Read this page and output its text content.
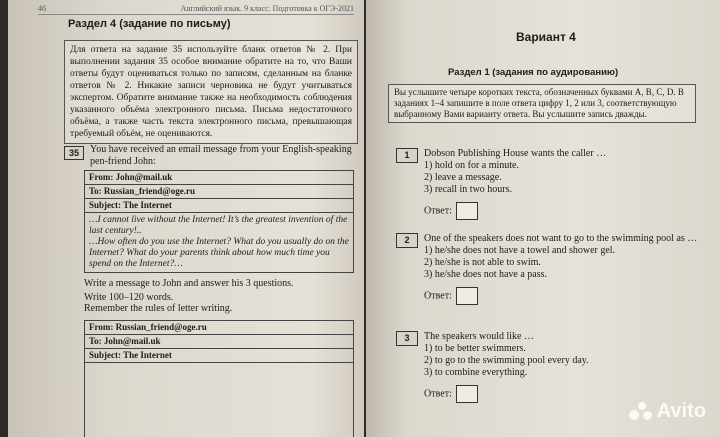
46	Английский язык. 9 класс. Подготовка к ОГЭ-2021
Раздел 4 (задание по письму)
Для ответа на задание 35 используйте бланк ответов № 2. При выполнении задания 35 особое внимание обратите на то, что Ваши ответы будут оцениваться только по записям, сделанным на бланке ответов № 2. Никакие записи черновика не будут учитываться экспертом. Обратите внимание также на необходимость соблюдения указанного объёма электронного письма. Письма недостаточного объёма, а также часть текста электронного письма, превышающая требуемый объём, не оцениваются.
35	You have received an email message from your English-speaking pen-friend John:
From: John@mail.uk
To: Russian_friend@oge.ru
Subject: The Internet
…I cannot live without the Internet! It’s the greatest invention of the last century!..
…How often do you use the Internet? What do you usually do on the Internet? What do your parents think about how much time you spend on the Internet?…
Write a message to John and answer his 3 questions.
Write 100–120 words.
Remember the rules of letter writing.
From: Russian_friend@oge.ru
To: John@mail.uk
Subject: The Internet
Вариант 4
Раздел 1 (задания по аудированию)
Вы услышите четыре коротких текста, обозначенных буквами A, B, C, D. В заданиях 1–4 запишите в поле ответа цифру 1, 2 или 3, соответствующую выбранному Вами варианту ответа. Вы услышите запись дважды.
1	Dobson Publishing House wants the caller …
1) hold on for a minute.
2) leave a message.
3) recall in two hours.
Ответ:
2	One of the speakers does not want to go to the swimming pool as …
1) he/she does not have a towel and shower gel.
2) he/she is not able to swim.
3) he/she does not have a pass.
Ответ:
3	The speakers would like …
1) to be better swimmers.
2) to go to the swimming pool every day.
3) to combine everything.
Ответ:
Avito
